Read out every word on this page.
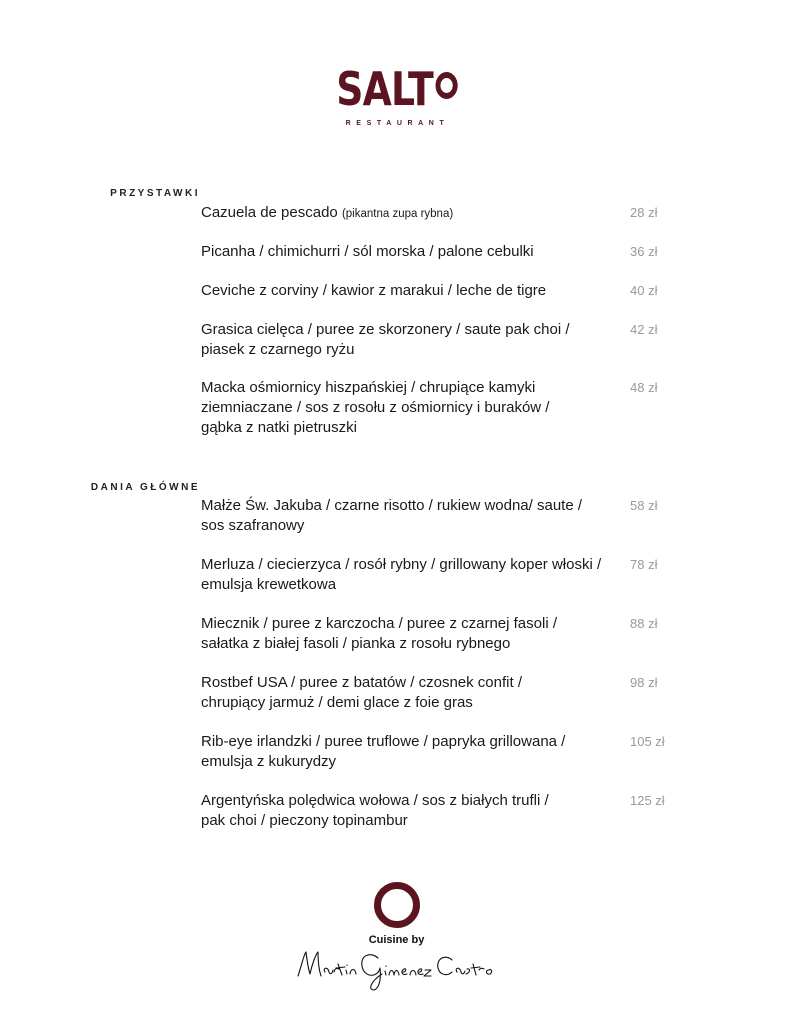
SALT
RESTAURANT
PRZYSTAWKI
Cazuela de pescado (pikantna zupa rybna)	28 zł
Picanha / chimichurri / sól morska / palone cebulki	36 zł
Ceviche z corviny / kawior z marakui / leche de tigre	40 zł
Grasica cielęca / puree ze skorzonery / saute pak choi /
piasek z czarnego ryżu
42 zł
Macka ośmiornicy hiszpańskiej / chrupiące kamyki
ziemniaczane / sos z rosołu z ośmiornicy i buraków /
gąbka z natki pietruszki
48 zł
DANIA GŁÓWNE
Małże Św. Jakuba / czarne risotto / rukiew wodna/ saute /
sos szafranowy
58 zł
Merluza / ciecierzyca / rosół rybny / grillowany koper włoski /
emulsja krewetkowa
78 zł
Miecznik / puree z karczocha / puree z czarnej fasoli /
sałatka z białej fasoli / pianka z rosołu rybnego
88 zł
Rostbef USA / puree z batatów / czosnek confit /
chrupiący jarmuż / demi glace z foie gras
98 zł
Rib-eye irlandzki / puree truflowe / papryka grillowana /
emulsja z kukurydzy
105 zł
Argentyńska polędwica wołowa / sos z białych trufli /
pak choi / pieczony topinambur
125 zł
Cuisine by
